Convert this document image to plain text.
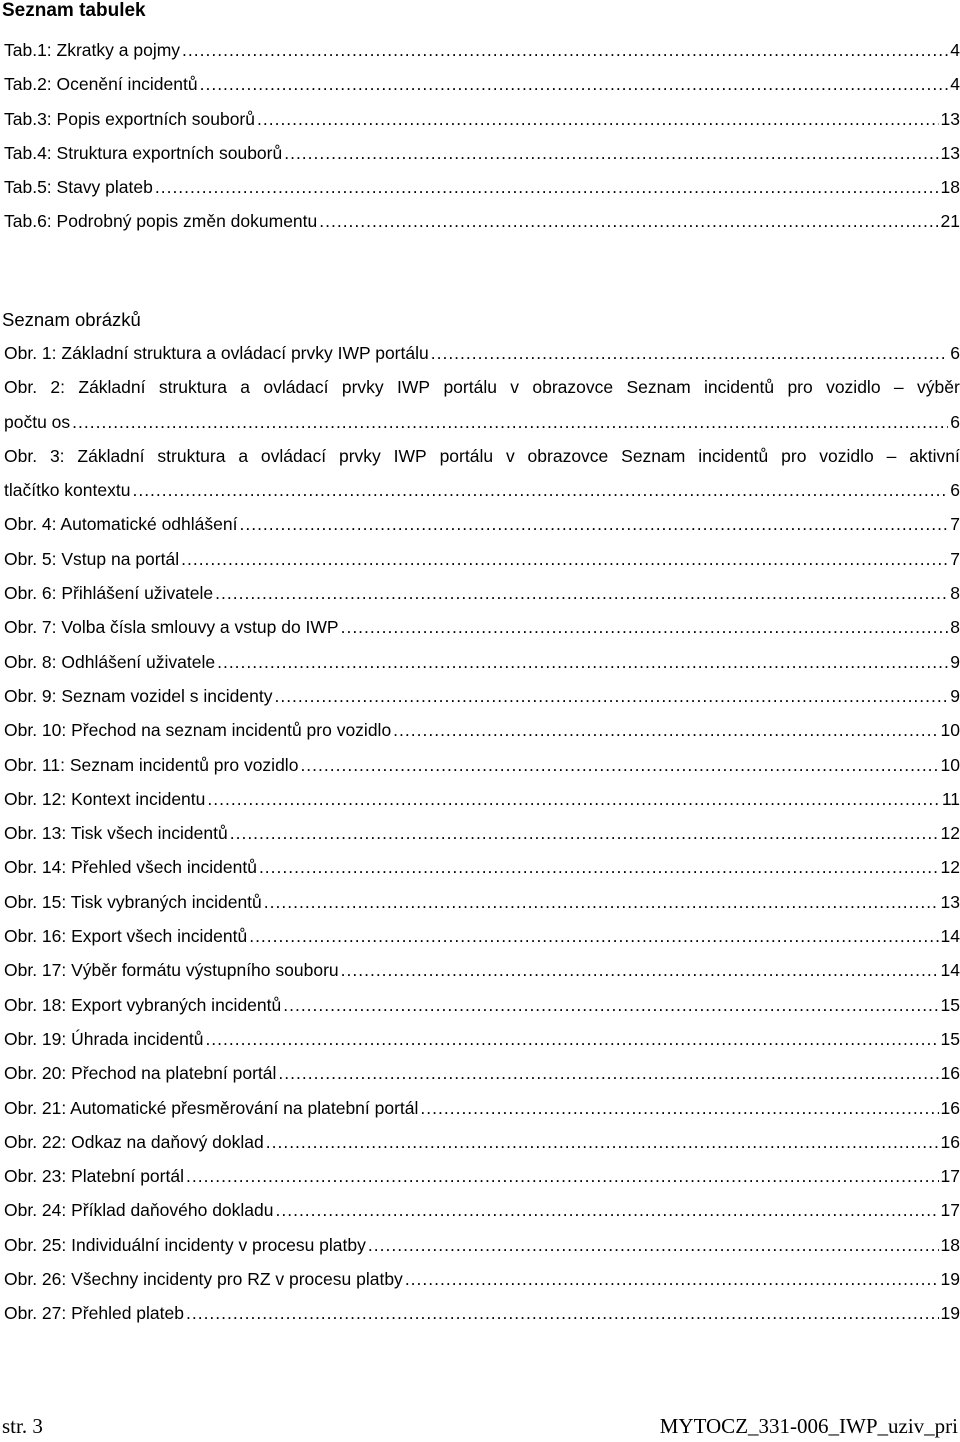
Seznam tabulek
Tab.1: Zkratky a pojmy .....	4
Tab.2: Ocenění incidentů .....	4
Tab.3: Popis exportních souborů .....	13
Tab.4: Struktura exportních souborů .....	13
Tab.5: Stavy plateb .....	18
Tab.6: Podrobný popis změn dokumentu .....	21
Seznam obrázků
Obr. 1: Základní struktura a ovládací prvky IWP portálu .....	6
Obr. 2: Základní struktura a ovládací prvky IWP portálu v obrazovce Seznam incidentů pro vozidlo – výběr
počtu os .....	6
Obr. 3: Základní struktura a ovládací prvky IWP portálu v obrazovce Seznam incidentů pro vozidlo – aktivní
tlačítko kontextu .....	6
Obr. 4: Automatické odhlášení .....	7
Obr. 5: Vstup na portál .....	7
Obr. 6: Přihlášení uživatele .....	8
Obr. 7: Volba čísla smlouvy a vstup do IWP .....	8
Obr. 8: Odhlášení uživatele .....	9
Obr. 9: Seznam vozidel s incidenty .....	9
Obr. 10: Přechod na seznam incidentů pro vozidlo .....	10
Obr. 11: Seznam incidentů pro vozidlo .....	10
Obr. 12: Kontext incidentu .....	11
Obr. 13: Tisk všech incidentů .....	12
Obr. 14: Přehled všech incidentů .....	12
Obr. 15: Tisk vybraných incidentů .....	13
Obr. 16: Export všech incidentů .....	14
Obr. 17: Výběr formátu výstupního souboru .....	14
Obr. 18: Export vybraných incidentů .....	15
Obr. 19: Úhrada incidentů .....	15
Obr. 20: Přechod na platební portál .....	16
Obr. 21: Automatické přesměrování na platební portál .....	16
Obr. 22: Odkaz na daňový doklad .....	16
Obr. 23: Platební portál .....	17
Obr. 24: Příklad daňového dokladu .....	17
Obr. 25: Individuální incidenty v procesu platby .....	18
Obr. 26: Všechny incidenty pro RZ v procesu platby .....	19
Obr. 27: Přehled plateb .....	19
str. 3	MYTOCZ_331-006_IWP_uziv_pri
